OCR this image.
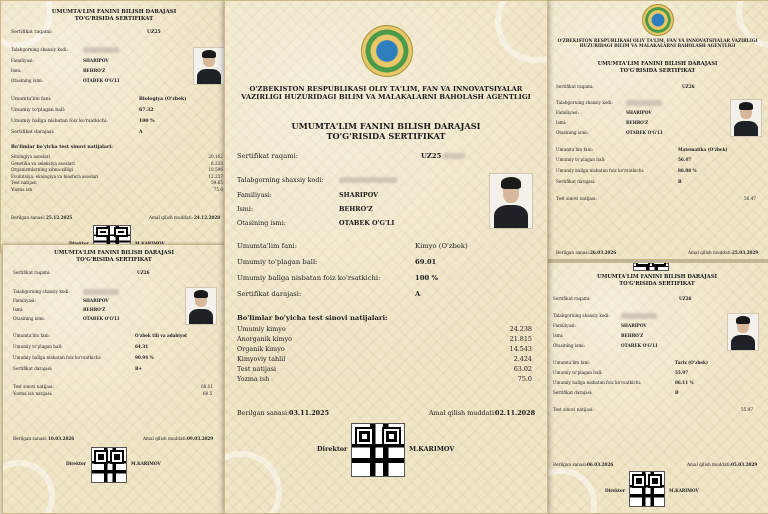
UMUMTA'LIM FANINI BILISH DARAJASI
TO'G'RISIDA SERTIFIKAT
Sertifikat raqami:	UZ25
Talabgorning shaxsiy kodi:
Familiyasi:	SHARIPOV
Ismi:	BEHRO'Z
Otasining ismi:	OTABEK O'G'LI
Umumta'lim fani:	Biologiya (O'zbek)
Umumiy to'plagan ball:	67.32
Umumiy ballga nisbatan foiz ko'rsatkichi:	100 %
Sertifikat darajasi:	A
Bo'limlar bo'yicha test sinovi natijalari:
Sitologiya asoslari	20.162
Genetika va seleksiya asoslari	8.223
Organizmlarning xilma-xilligi	10.596
Evolutsiya, ekologiya va biosfera asoslari	12.237
Test natijasi	59.65
Yozma ish	75.0
Berilgan sanasi: 25.12.2025	Amal qilish muddati: 24.12.2028
UMUMTA'LIM FANINI BILISH DARAJASI
TO'G'RISIDA SERTIFIKAT
Sertifikat raqami:	UZ26
Talabgorning shaxsiy kodi:
Familiyasi:	SHARIPOV
Ismi:	BEHRO'Z
Otasining ismi:	OTABEK O'G'LI
Umumta'lim fani:	O'zbek tili va adabiyot
Umumiy to'plagan ball:	64.31
Umumiy ballga nisbatan foiz ko'rsatkichi:	90.94 %
Sertifikat darajasi:	B+
Test sinovi natijasi:	68.11
Yozma ish natijasi:	60.5
Berilgan sanasi: 10.03.2026	Amal qilish muddati: 09.03.2029
Direktor	M.KARIMOV
O'ZBEKISTON RESPUBLIKASI OLIY TA'LIM, FAN VA INNOVATSIYALAR VAZIRLIGI HUZURIDAGI BILIM VA MALAKALARNI BAHOLASH AGENTLIGI
UMUMTA'LIM FANINI BILISH DARAJASI
TO'G'RISIDA SERTIFIKAT
Sertifikat raqami:	UZ26
Talabgorning shaxsiy kodi:
Familiyasi:	SHARIPOV
Ismi:	BEHRO'Z
Otasining ismi:	OTABEK O'G'LI
Umumta'lim fani:	Matematika (O'zbek)
Umumiy to'plagan ball:	56.47
Umumiy ballga nisbatan foiz ko'rsatkichi:	86.88 %
Sertifikat darajasi:	B
Test sinovi natijasi:	56.47
Berilgan sanasi: 26.03.2026	Amal qilish muddati: 25.03.2029
UMUMTA'LIM FANINI BILISH DARAJASI
TO'G'RISIDA SERTIFIKAT
Sertifikat raqami:	UZ26
Talabgorning shaxsiy kodi:
Familiyasi:	SHARIPOV
Ismi:	BEHRO'Z
Otasining ismi:	OTABEK O'G'LI
Umumta'lim fani:	Tarix (O'zbek)
Umumiy to'plagan ball:	55.97
Umumiy ballga nisbatan foiz ko'rsatkichi:	86.11 %
Sertifikat darajasi:	B
Test sinovi natijasi:	55.97
Berilgan sanasi: 06.03.2026	Amal qilish muddati: 05.03.2029
Direktor	M.KARIMOV
O'ZBEKISTON RESPUBLIKASI OLIY TA'LIM, FAN VA INNOVATSIYALAR VAZIRLIGI HUZURIDAGI BILIM VA MALAKALARNI BAHOLASH AGENTLIGI
UMUMTA'LIM FANINI BILISH DARAJASI
TO'G'RISIDA SERTIFIKAT
Sertifikat raqami:	UZ25
Talabgorning shaxsiy kodi:
Familiyasi:	SHARIPOV
Ismi:	BEHRO'Z
Otasining ismi:	OTABEK O'G'LI
Umumta'lim fani:	Kimyo (O'zbek)
Umumiy to'plagan ball:	69.01
Umumiy ballga nisbatan foiz ko'rsatkichi:	100 %
Sertifikat darajasi:	A
Bo'limlar bo'yicha test sinovi natijalari:
Umumiy kimyo	24.238
Anorganik kimyo	21.815
Organik kimyo	14.543
Kimyoviy tahlil	2.424
Test natijasi	63.02
Yozma ish	75.0
Berilgan sanasi: 03.11.2025	Amal qilish muddati:
02.11.2028
Direktor	M.KARIMOV
